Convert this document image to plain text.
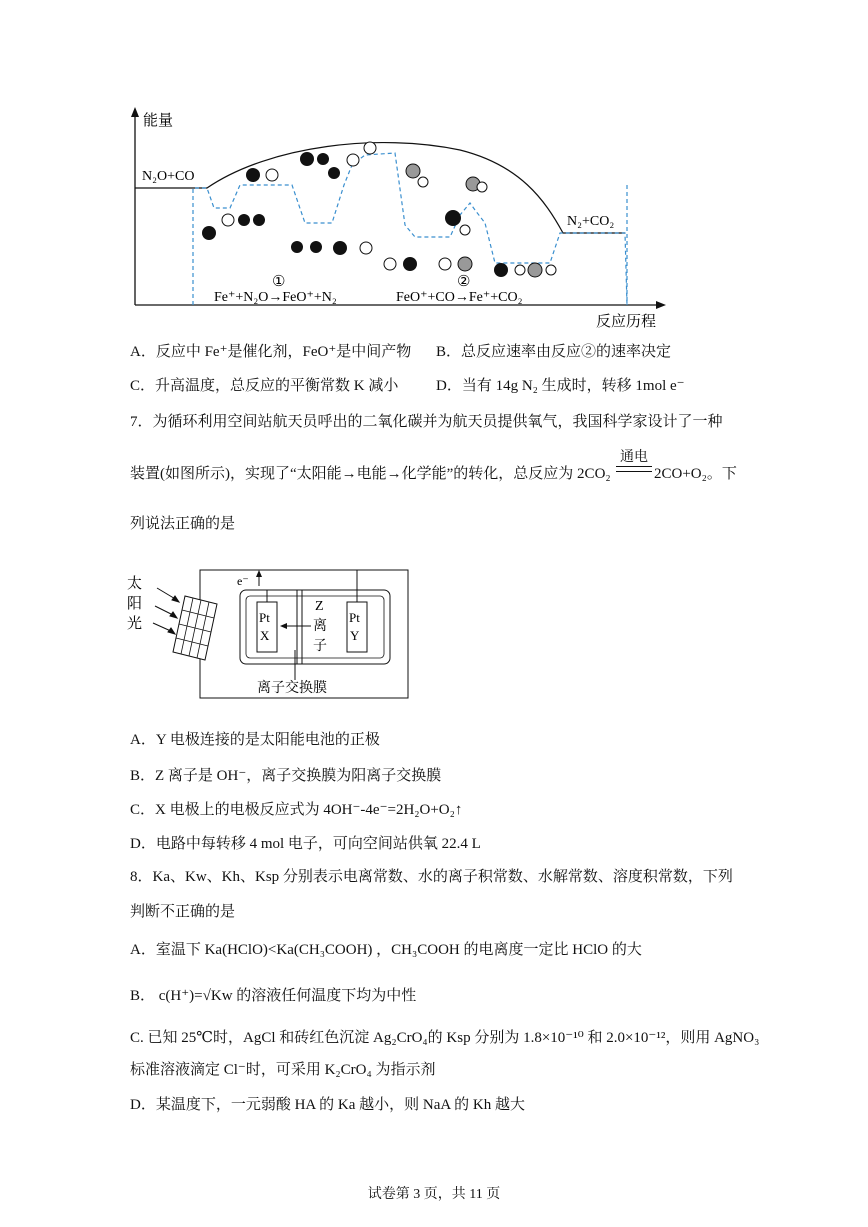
能量
反应历程
N₂O+CO
N₂+CO₂
①
Fe⁺+N₂O→FeO⁺+N₂
②
FeO⁺+CO→Fe⁺+CO₂
A．反应中 Fe⁺是催化剂，FeO⁺是中间产物 B．总反应速率由反应②的速率决定
C．升高温度，总反应的平衡常数 K 减小	D．当有 14g N₂ 生成时，转移 1mol e⁻
7．为循环利用空间站航天员呼出的二氧化碳并为航天员提供氧气，我国科学家设计了一种
装置(如图所示)，实现了“太阳能→电能→化学能”的转化，总反应为 2CO₂
通电
2CO+O₂。下
列说法正确的是
太
阳
光	Pt
X
Pt
Y
e⁻
Z
离
子
离子交换膜
A．Y 电极连接的是太阳能电池的正极
B．Z 离子是 OH⁻，离子交换膜为阳离子交换膜
C．X 电极上的电极反应式为 4OH⁻-4e⁻=2H₂O+O₂↑
D．电路中每转移 4 mol 电子，可向空间站供氧 22.4 L
8．Ka、Kw、Kh、Ksp 分别表示电离常数、水的离子积常数、水解常数、溶度积常数，下列
判断不正确的是
A．室温下 Ka(HClO)<Ka(CH₃COOH) ，CH₃COOH 的电离度一定比 HClO 的大
B． c(H⁺)=√Kw 的溶液任何温度下均为中性
C. 已知 25℃时，AgCl 和砖红色沉淀 Ag₂CrO₄的 Ksp 分别为 1.8×10⁻¹⁰ 和 2.0×10⁻¹²，则用 AgNO₃
标准溶液滴定 Cl⁻时，可采用 K₂CrO₄ 为指示剂
D．某温度下，一元弱酸 HA 的 Ka 越小，则 NaA 的 Kh 越大
试卷第 3 页，共 11 页
